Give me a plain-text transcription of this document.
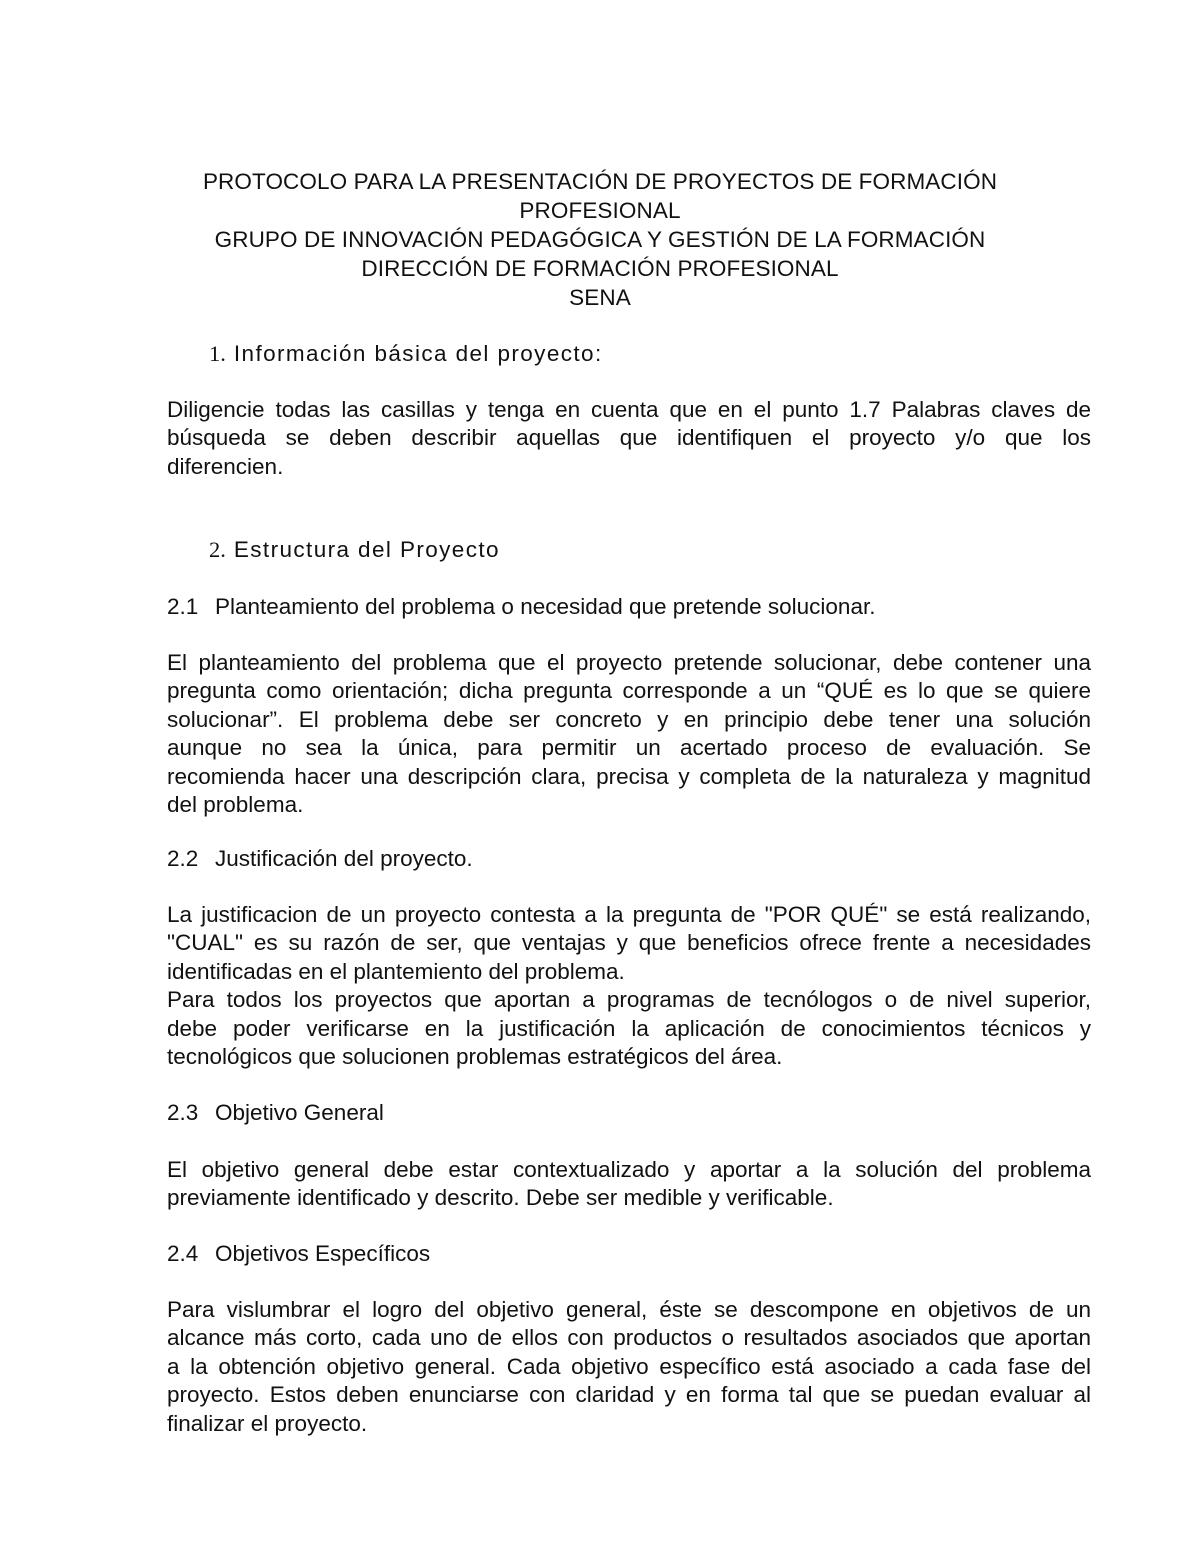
PROTOCOLO PARA LA PRESENTACIÓN DE PROYECTOS DE FORMACIÓN
PROFESIONAL
GRUPO DE INNOVACIÓN PEDAGÓGICA Y GESTIÓN DE LA FORMACIÓN
DIRECCIÓN DE FORMACIÓN PROFESIONAL
SENA
1. Información básica del proyecto:
Diligencie todas las casillas y tenga en cuenta que en el punto 1.7 Palabras claves de
búsqueda se deben describir aquellas que identifiquen el proyecto y/o que los
diferencien.
2. Estructura del Proyecto
2.1 Planteamiento del problema o necesidad que pretende solucionar.
El planteamiento del problema que el proyecto pretende solucionar, debe contener una
pregunta como orientación; dicha pregunta corresponde a un “QUÉ es lo que se quiere
solucionar”. El problema debe ser concreto y en principio debe tener una solución
aunque no sea la única, para permitir un acertado proceso de evaluación. Se
recomienda hacer una descripción clara, precisa y completa de la naturaleza y magnitud
del problema.
2.2 Justificación del proyecto.
La justificacion de un proyecto contesta a la pregunta de "POR QUÉ" se está realizando,
"CUAL" es su razón de ser, que ventajas y que beneficios ofrece frente a necesidades
identificadas en el plantemiento del problema.
Para todos los proyectos que aportan a programas de tecnólogos o de nivel superior,
debe poder verificarse en la justificación la aplicación de conocimientos técnicos y
tecnológicos que solucionen problemas estratégicos del área.
2.3 Objetivo General
El objetivo general debe estar contextualizado y aportar a la solución del problema
previamente identificado y descrito. Debe ser medible y verificable.
2.4 Objetivos Específicos
Para vislumbrar el logro del objetivo general, éste se descompone en objetivos de un
alcance más corto, cada uno de ellos con productos o resultados asociados que aportan
a la obtención objetivo general. Cada objetivo específico está asociado a cada fase del
proyecto. Estos deben enunciarse con claridad y en forma tal que se puedan evaluar al
finalizar el proyecto.
